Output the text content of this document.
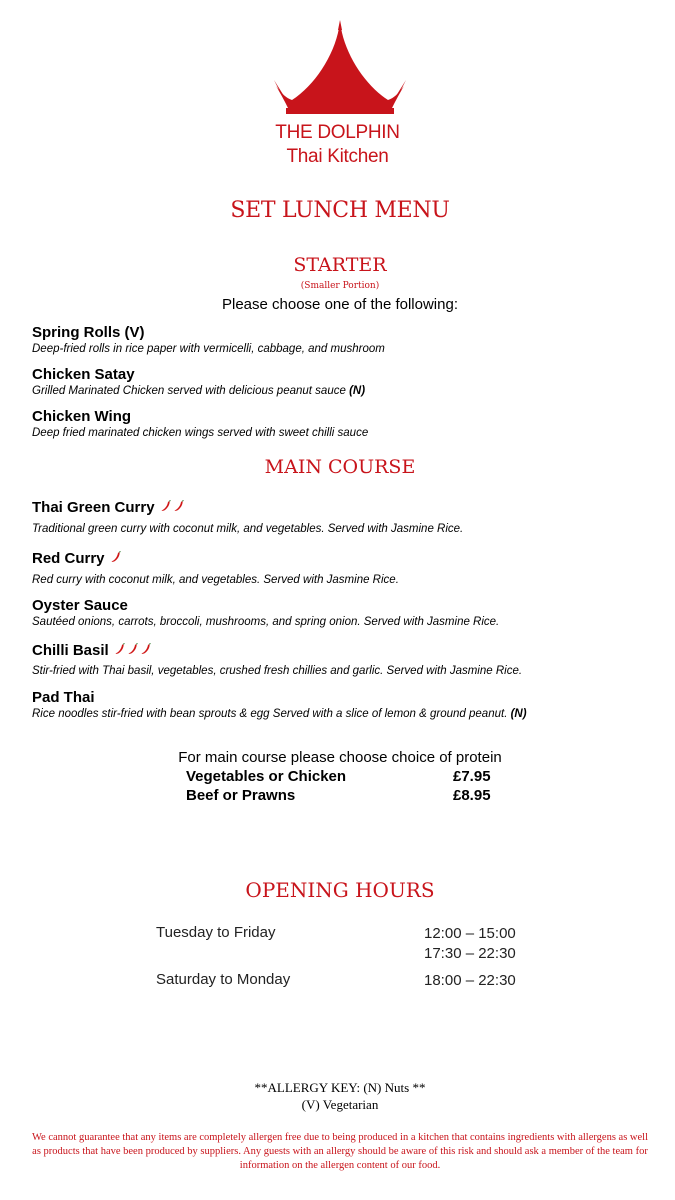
THE DOLPHIN
Thai Kitchen
SET LUNCH MENU
STARTER
(Smaller Portion)
Please choose one of the following:
Spring Rolls (V)
Deep-fried rolls in rice paper with vermicelli, cabbage, and mushroom
Chicken Satay
Grilled Marinated Chicken served with delicious peanut sauce (N)
Chicken Wing
Deep fried marinated chicken wings served with sweet chilli sauce
MAIN COURSE
Thai Green Curry
Traditional green curry with coconut milk, and vegetables. Served with Jasmine Rice.
Red Curry
Red curry with coconut milk, and vegetables. Served with Jasmine Rice.
Oyster Sauce
Sautéed onions, carrots, broccoli, mushrooms, and spring onion. Served with Jasmine Rice.
Chilli Basil
Stir-fried with Thai basil, vegetables, crushed fresh chillies and garlic. Served with Jasmine Rice.
Pad Thai
Rice noodles stir-fried with bean sprouts & egg Served with a slice of lemon & ground peanut. (N)
For main course please choose choice of protein
Vegetables or Chicken	£7.95
Beef or Prawns	£8.95
OPENING HOURS
Tuesday to Friday	12:00 – 15:00
17:30 – 22:30
Saturday to Monday	18:00 – 22:30
**ALLERGY KEY: (N) Nuts **
(V) Vegetarian
We cannot guarantee that any items are completely allergen free due to being produced in a kitchen that contains ingredients with allergens as well as products that have been produced by suppliers. Any guests with an allergy should be aware of this risk and should ask a member of the team for information on the allergen content of our food.
